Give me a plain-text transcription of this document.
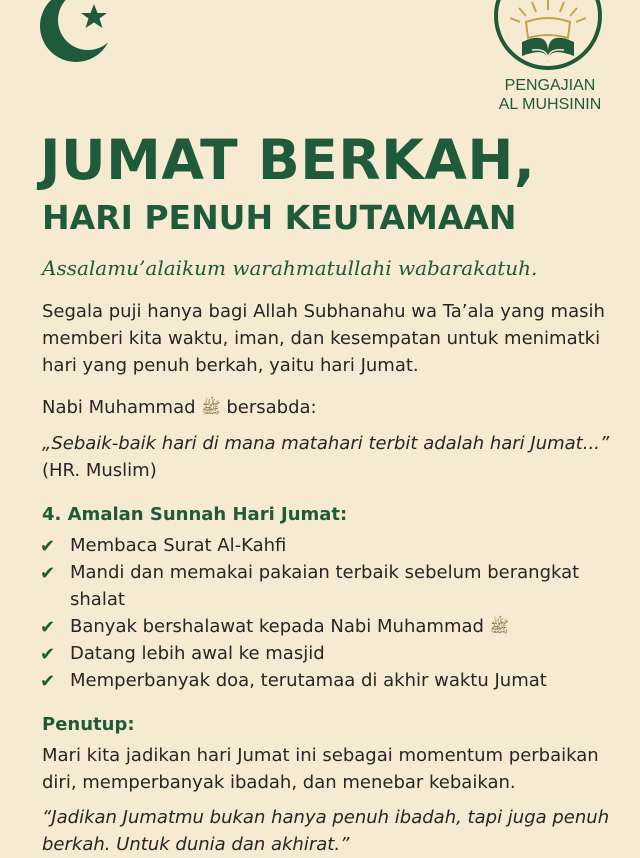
PENGAJIAN
AL MUHSININ
JUMAT BERKAH,
HARI PENUH KEUTAMAAN
Assalamu’alaikum warahmatullahi wabarakatuh.
Segala puji hanya bagi Allah Subhanahu wa Ta’ala yang masih memberi kita waktu, iman, dan kesempatan untuk menimatki hari yang penuh berkah, yaitu hari Jumat.
Nabi Muhammad ﷺ bersabda:
„Sebaik-baik hari di mana matahari terbit adalah hari Jumat...”
(HR. Muslim)
4. Amalan Sunnah Hari Jumat:
✔ Membaca Surat Al-Kahfi
✔ Mandi dan memakai pakaian terbaik sebelum berangkat shalat
✔ Banyak bershalawat kepada Nabi Muhammad ﷺ
✔ Datang lebih awal ke masjid
✔ Memperbanyak doa, terutamaa di akhir waktu Jumat
Penutup:
Mari kita jadikan hari Jumat ini sebagai momentum perbaikan diri, memperbanyak ibadah, dan menebar kebaikan.
“Jadikan Jumatmu bukan hanya penuh ibadah, tapi juga penuh berkah. Untuk dunia dan akhirat.”
